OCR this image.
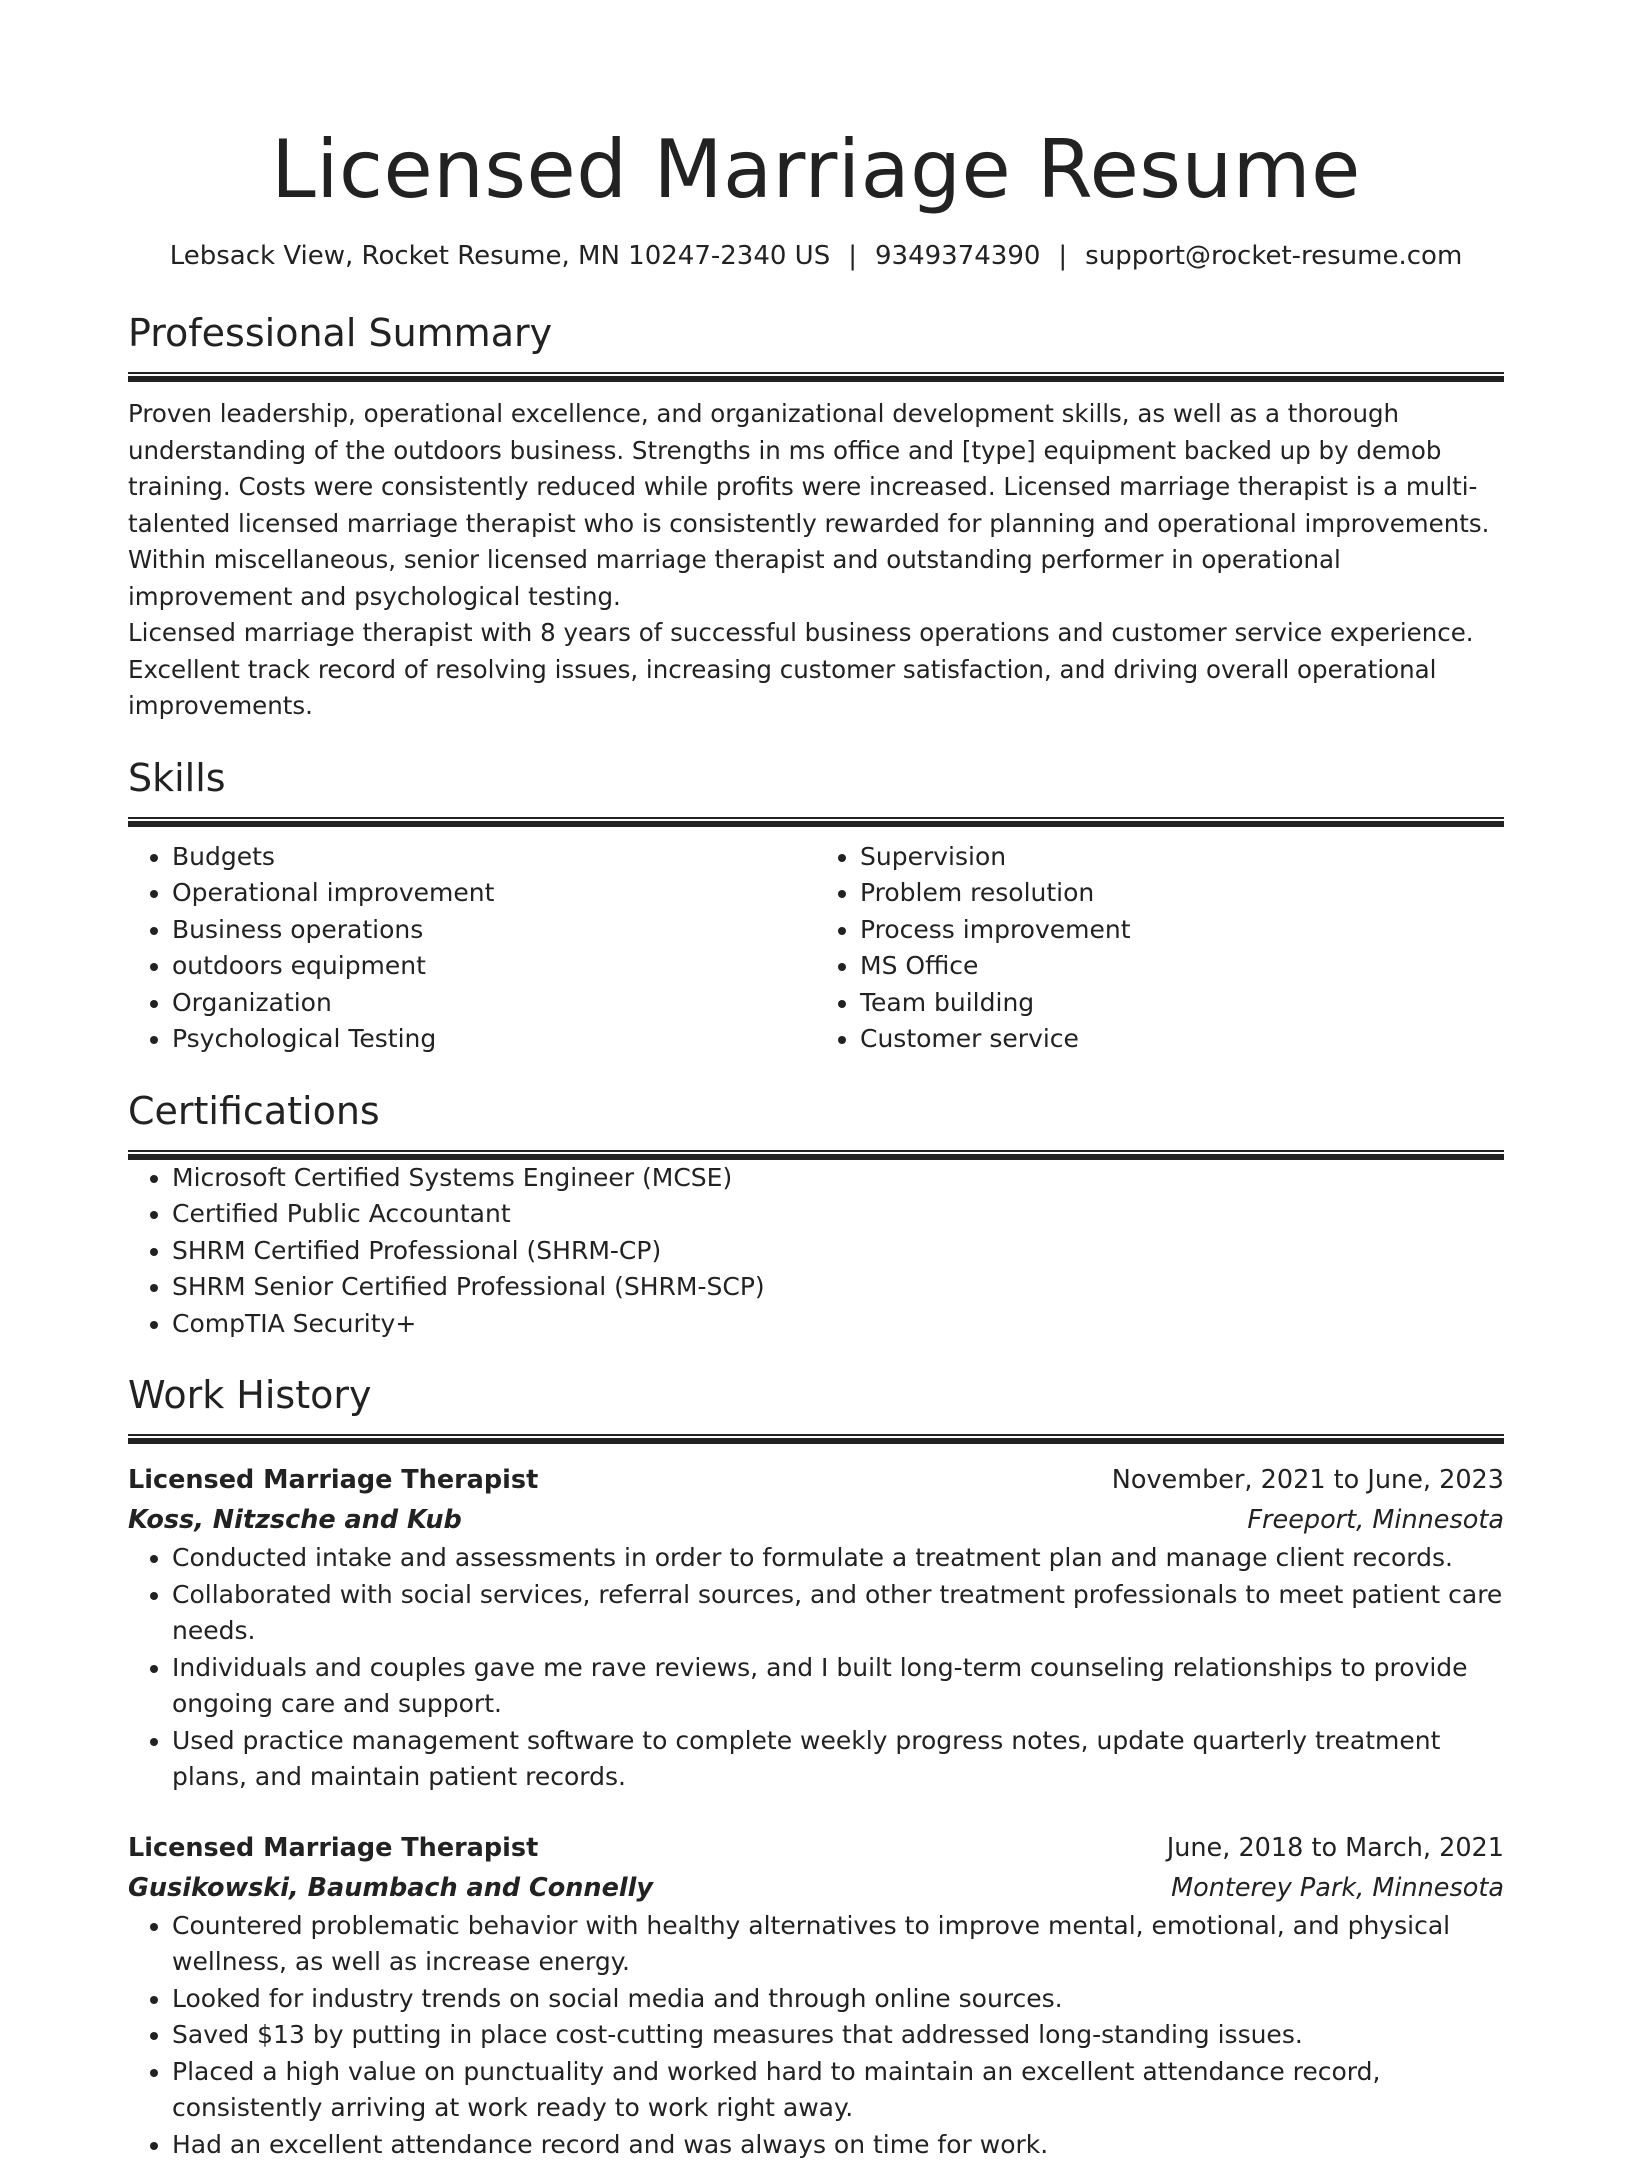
Licensed Marriage Resume
Lebsack View, Rocket Resume, MN 10247-2340 US | 9349374390 | support@rocket-resume.com
Professional Summary

Proven leadership, operational excellence, and organizational development skills, as well as a thorough understanding of the outdoors business. Strengths in ms office and [type] equipment backed up by demob training. Costs were consistently reduced while profits were increased. Licensed marriage therapist is a multi-talented licensed marriage therapist who is consistently rewarded for planning and operational improvements. Within miscellaneous, senior licensed marriage therapist and outstanding performer in operational improvement and psychological testing.

Licensed marriage therapist with 8 years of successful business operations and customer service experience. Excellent track record of resolving issues, increasing customer satisfaction, and driving overall operational improvements.

Skills
• Budgets
• Operational improvement
• Business operations
• outdoors equipment
• Organization
• Psychological Testing
• Supervision
• Problem resolution
• Process improvement
• MS Office
• Team building
• Customer service
Certifications
• Microsoft Certified Systems Engineer (MCSE)
• Certified Public Accountant
• SHRM Certified Professional (SHRM-CP)
• SHRM Senior Certified Professional (SHRM-SCP)
• CompTIA Security+
Work History
Licensed Marriage Therapist	November, 2021 to June, 2023
Koss, Nitzsche and Kub	Freeport, Minnesota
• Conducted intake and assessments in order to formulate a treatment plan and manage client records.
• Collaborated with social services, referral sources, and other treatment professionals to meet patient care needs.
• Individuals and couples gave me rave reviews, and I built long-term counseling relationships to provide ongoing care and support.
• Used practice management software to complete weekly progress notes, update quarterly treatment plans, and maintain patient records.
Licensed Marriage Therapist	June, 2018 to March, 2021
Gusikowski, Baumbach and Connelly	Monterey Park, Minnesota
• Countered problematic behavior with healthy alternatives to improve mental, emotional, and physical wellness, as well as increase energy.
• Looked for industry trends on social media and through online sources.
• Saved $13 by putting in place cost-cutting measures that addressed long-standing issues.
• Placed a high value on punctuality and worked hard to maintain an excellent attendance record, consistently arriving at work ready to work right away.
• Had an excellent attendance record and was always on time for work.
